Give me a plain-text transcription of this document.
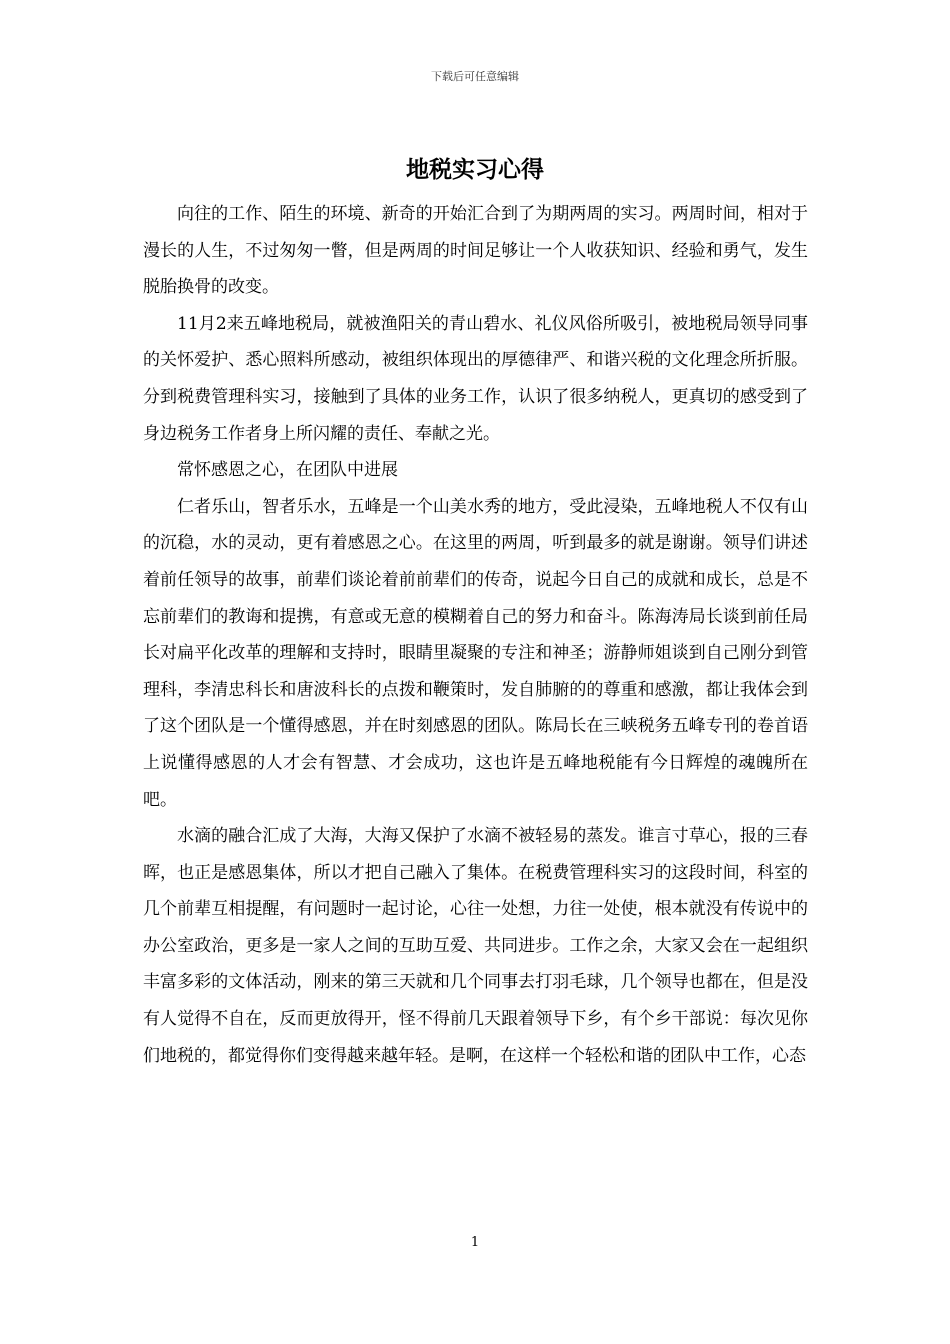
下载后可任意编辑
地税实习心得

向往的工作、陌生的环境、新奇的开始汇合到了为期两周的实习。两周时间，相对于漫长的人生，不过匆匆一瞥，但是两周的时间足够让一个人收获知识、经验和勇气，发生脱胎换骨的改变。

11月2来五峰地税局，就被渔阳关的青山碧水、礼仪风俗所吸引，被地税局领导同事的关怀爱护、悉心照料所感动，被组织体现出的厚德律严、和谐兴税的文化理念所折服。分到税费管理科实习，接触到了具体的业务工作，认识了很多纳税人，更真切的感受到了身边税务工作者身上所闪耀的责任、奉献之光。

常怀感恩之心，在团队中进展

仁者乐山，智者乐水，五峰是一个山美水秀的地方，受此浸染，五峰地税人不仅有山的沉稳，水的灵动，更有着感恩之心。在这里的两周，听到最多的就是谢谢。领导们讲述着前任领导的故事，前辈们谈论着前前辈们的传奇，说起今日自己的成就和成长，总是不忘前辈们的教诲和提携，有意或无意的模糊着自己的努力和奋斗。陈海涛局长谈到前任局长对扁平化改革的理解和支持时，眼睛里凝聚的专注和神圣；游静师姐谈到自己刚分到管理科，李清忠科长和唐波科长的点拨和鞭策时，发自肺腑的的尊重和感激，都让我体会到了这个团队是一个懂得感恩，并在时刻感恩的团队。陈局长在三峡税务五峰专刊的卷首语上说懂得感恩的人才会有智慧、才会成功，这也许是五峰地税能有今日辉煌的魂魄所在吧。

水滴的融合汇成了大海，大海又保护了水滴不被轻易的蒸发。谁言寸草心，报的三春晖，也正是感恩集体，所以才把自己融入了集体。在税费管理科实习的这段时间，科室的几个前辈互相提醒，有问题时一起讨论，心往一处想，力往一处使，根本就没有传说中的办公室政治，更多是一家人之间的互助互爱、共同进步。工作之余，大家又会在一起组织丰富多彩的文体活动，刚来的第三天就和几个同事去打羽毛球，几个领导也都在，但是没有人觉得不自在，反而更放得开，怪不得前几天跟着领导下乡，有个乡干部说：每次见你们地税的，都觉得你们变得越来越年轻。是啊，在这样一个轻松和谐的团队中工作，心态

1
